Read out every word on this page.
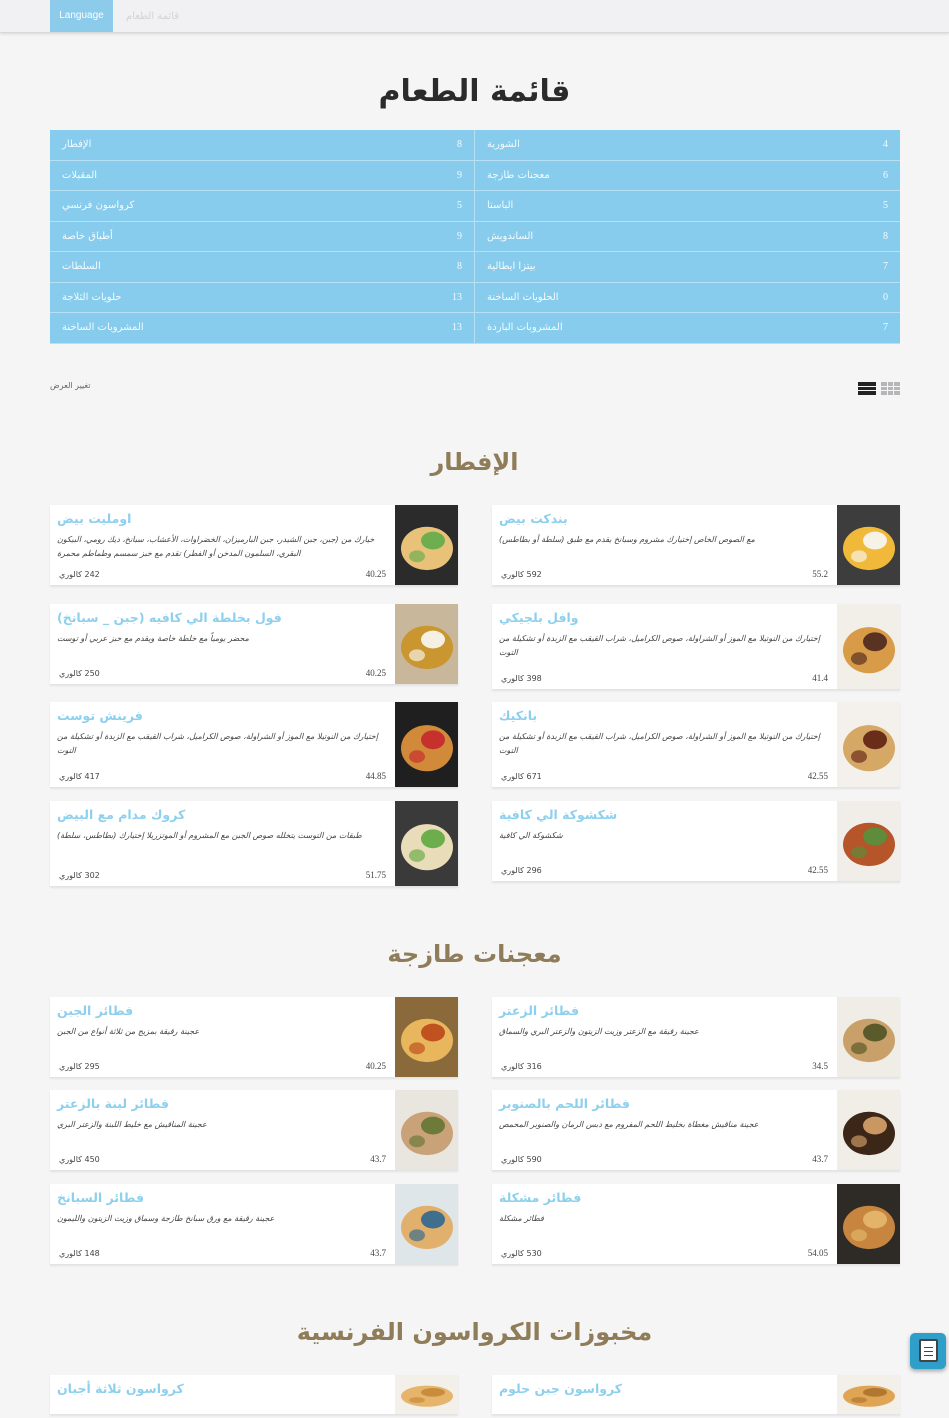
Language	قائمة الطعام
قائمة الطعام
الإفطار	8	الشوربة	4
المقبلات	9	معجنات طازجة	6
كرواسون فرنسي	5	الباستا	5
أطباق خاصة	9	الساندويش	8
السلطات	8	بيتزا ايطالية	7
حلويات الثلاجة	13	الحلويات الساخنة	0
المشروبات الساخنة	13	المشروبات الباردة	7
تغيير العرض
الإفطار
معجنات طازجة
مخبوزات الكرواسون الفرنسية
اومليت بيض
خيارك من (جبن، جبن الشيدر، جبن البارميزان، الخضراوات، الأعشاب، سبانخ، ديك رومي، البيكون البقري، السلمون المدخن أو الفطر) تقدم مع خبز سمسم وطماطم محمرة
242 كالوري	40.25
بندكت بيض
مع الصوص الخاص إختيارك مشروم وسبانخ يقدم مع طبق (سلطة أو بطاطس)
592 كالوري	55.2
فول بخلطة الي كافيه (جبن _ سبانخ)
محضر يومياً مع خلطة خاصة ويقدم مع خبز عربي أو توست
250 كالوري	40.25
وافل بلجيكي
إختيارك من النوتيلا مع الموز أو الشراولة، صوص الكراميل، شراب القيقب مع الزبدة أو تشكيلة من التوت
398 كالوري	41.4
فرينش توست
إختيارك من النوتيلا مع الموز أو الشراولة، صوص الكراميل، شراب القيقب مع الزبدة أو تشكيلة من التوت
417 كالوري	44.85
بانكيك
إختيارك من النوتيلا مع الموز أو الشراولة، صوص الكراميل، شراب القيقب مع الزبدة أو تشكيلة من التوت
671 كالوري	42.55
كروك مدام مع البيض
طبقات من التوست يتخلله صوص الجبن مع المشروم أو الموتزريلا إختيارك (بطاطس، سلطة)
302 كالوري	51.75
شكشوكة الي كافية
شكشوكة الي كافية
296 كالوري	42.55
فطائر الجبن
عجينة رقيقة بمزيج من ثلاثة أنواع من الجبن
295 كالوري	40.25
فطائر الزعتر
عجينة رقيقة مع الزعتر وزيت الزيتون والزعتر البري والسماق
316 كالوري	34.5
فطائر لبنة بالزعتر
عجينة المناقيش مع خليط اللبنة والزعتر البري
450 كالوري	43.7
فطائر اللحم بالصنوبر
عجينة مناقيش مغطاة بخليط اللحم المفروم مع دبس الرمان والصنوبر المحمص
590 كالوري	43.7
فطائر السبانخ
عجينة رقيقة مع ورق سبانخ طازجة وسماق وزيت الزيتون والليمون
148 كالوري	43.7
فطائر مشكلة
فطائر مشكلة
530 كالوري	54.05
كرواسون ثلاثة أجبان	كرواسون جبن حلوم
